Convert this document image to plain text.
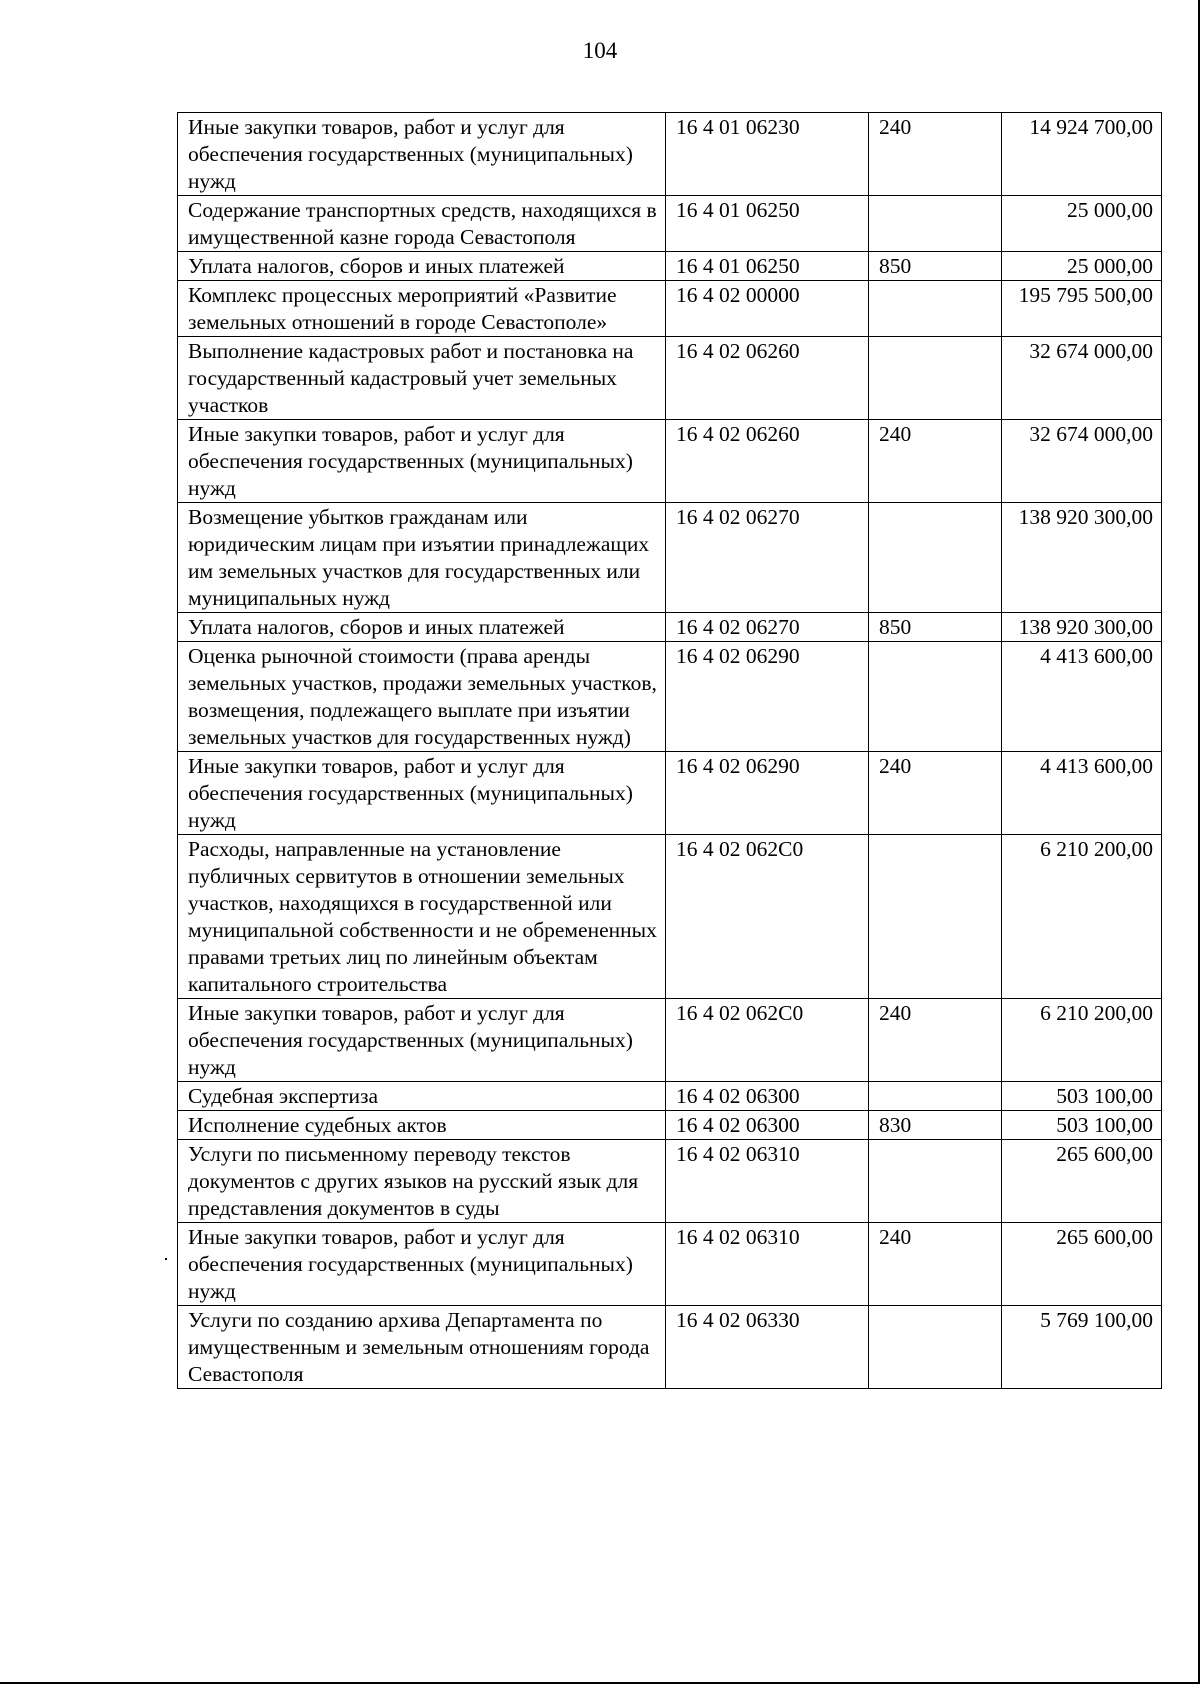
104
Иные закупки товаров, работ и услуг для обеспечения государственных (муниципальных) нужд	16 4 01 06230	240	14 924 700,00
Содержание транспортных средств, находящихся в имущественной казне города Севастополя	16 4 01 06250		25 000,00
Уплата налогов, сборов и иных платежей	16 4 01 06250	850	25 000,00
Комплекс процессных мероприятий «Развитие земельных отношений в городе Севастополе»	16 4 02 00000		195 795 500,00
Выполнение кадастровых работ и постановка на государственный кадастровый учет земельных участков	16 4 02 06260		32 674 000,00
Иные закупки товаров, работ и услуг для обеспечения государственных (муниципальных) нужд	16 4 02 06260	240	32 674 000,00
Возмещение убытков гражданам или юридическим лицам при изъятии принадлежащих им земельных участков для государственных или муниципальных нужд	16 4 02 06270		138 920 300,00
Уплата налогов, сборов и иных платежей	16 4 02 06270	850	138 920 300,00
Оценка рыночной стоимости (права аренды земельных участков, продажи земельных участков, возмещения, подлежащего выплате при изъятии земельных участков для государственных нужд)	16 4 02 06290		4 413 600,00
Иные закупки товаров, работ и услуг для обеспечения государственных (муниципальных) нужд	16 4 02 06290	240	4 413 600,00
Расходы, направленные на установление публичных сервитутов в отношении земельных участков, находящихся в государственной или муниципальной собственности и не обремененных правами третьих лиц по линейным объектам капитального строительства	16 4 02 062С0		6 210 200,00
Иные закупки товаров, работ и услуг для обеспечения государственных (муниципальных) нужд	16 4 02 062С0	240	6 210 200,00
Судебная экспертиза	16 4 02 06300		503 100,00
Исполнение судебных актов	16 4 02 06300	830	503 100,00
Услуги по письменному переводу текстов документов с других языков на русский язык для представления документов в суды	16 4 02 06310		265 600,00
Иные закупки товаров, работ и услуг для обеспечения государственных (муниципальных) нужд	16 4 02 06310	240	265 600,00
Услуги по созданию архива Департамента по имущественным и земельным отношениям города Севастополя	16 4 02 06330		5 769 100,00
